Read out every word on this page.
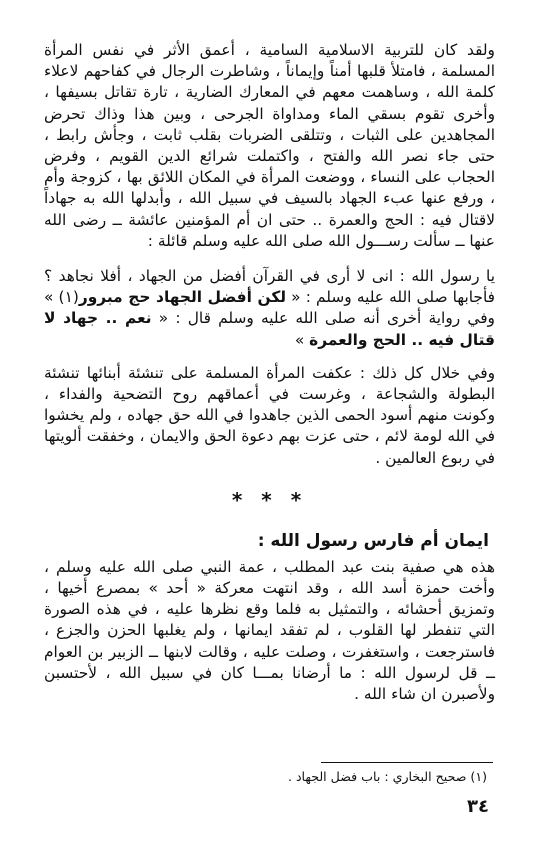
ولقد كان للتربية الاسلامية السامية ، أعمق الأثر في نفس المرأة المسلمة ، فامتلأ قلبها أمناً وإيماناً ، وشاطرت الرجال في كفاحهم لاعلاء كلمة الله ، وساهمت معهم في المعارك الضارية ، تارة تقاتل بسيفها ، وأخرى تقوم بسقي الماء ومداواة الجرحى ، وبين هذا وذاك تحرض المجاهدين على الثبات ، وتتلقى الضربات بقلب ثابت ، وجأش رابط ، حتى جاء نصر الله والفتح ، واكتملت شرائع الدين القويم ، وفرض الحجاب على النساء ، ووضعت المرأة في المكان اللائق بها ، كزوجة وأم ، ورفع عنها عبء الجهاد بالسيف في سبيل الله ، وأبدلها الله به جهاداً لاقتال فيه : الحج والعمرة .. حتى ان أم المؤمنين عائشة ــ رضى الله عنها ــ سألت رســـول الله صلى الله عليه وسلم قائلة :

يا رسول الله : انى لا أرى في القرآن أفضل من الجهاد ، أفلا نجاهد ؟ فأجابها صلى الله عليه وسلم : « لكن أفضل الجهاد حج مبرور(١) » وفي رواية أخرى أنه صلى الله عليه وسلم قال : « نعم .. جهاد لا قتال فيه .. الحج والعمرة »

وفي خلال كل ذلك : عكفت المرأة المسلمة على تنشئة أبنائها تنشئة البطولة والشجاعة ، وغرست في أعماقهم روح التضحية والفداء ، وكونت منهم أسود الحمى الذين جاهدوا في الله حق جهاده ، ولم يخشوا في الله لومة لائم ، حتى عزت بهم دعوة الحق والايمان ، وخفقت ألويتها في ربوع العالمين .

* * *
ايمان أم فارس رسول الله :

هذه هي صفية بنت عبد المطلب ، عمة النبي صلى الله عليه وسلم ، وأخت حمزة أسد الله ، وقد انتهت معركة « أحد » بمصرع أخيها ، وتمزيق أحشائه ، والتمثيل به فلما وقع نظرها عليه ، في هذه الصورة التي تنفطر لها القلوب ، لم تفقد ايمانها ، ولم يغلبها الحزن والجزع ، فاسترجعت ، واستغفرت ، وصلت عليه ، وقالت لابنها ــ الزبير بن العوام ــ قل لرسول الله : ما أرضانا بمـــا كان في سبيل الله ، لأحتسبن ولأصبرن ان شاء الله .

(١) صحيح البخاري : باب فضل الجهاد .
٣٤
